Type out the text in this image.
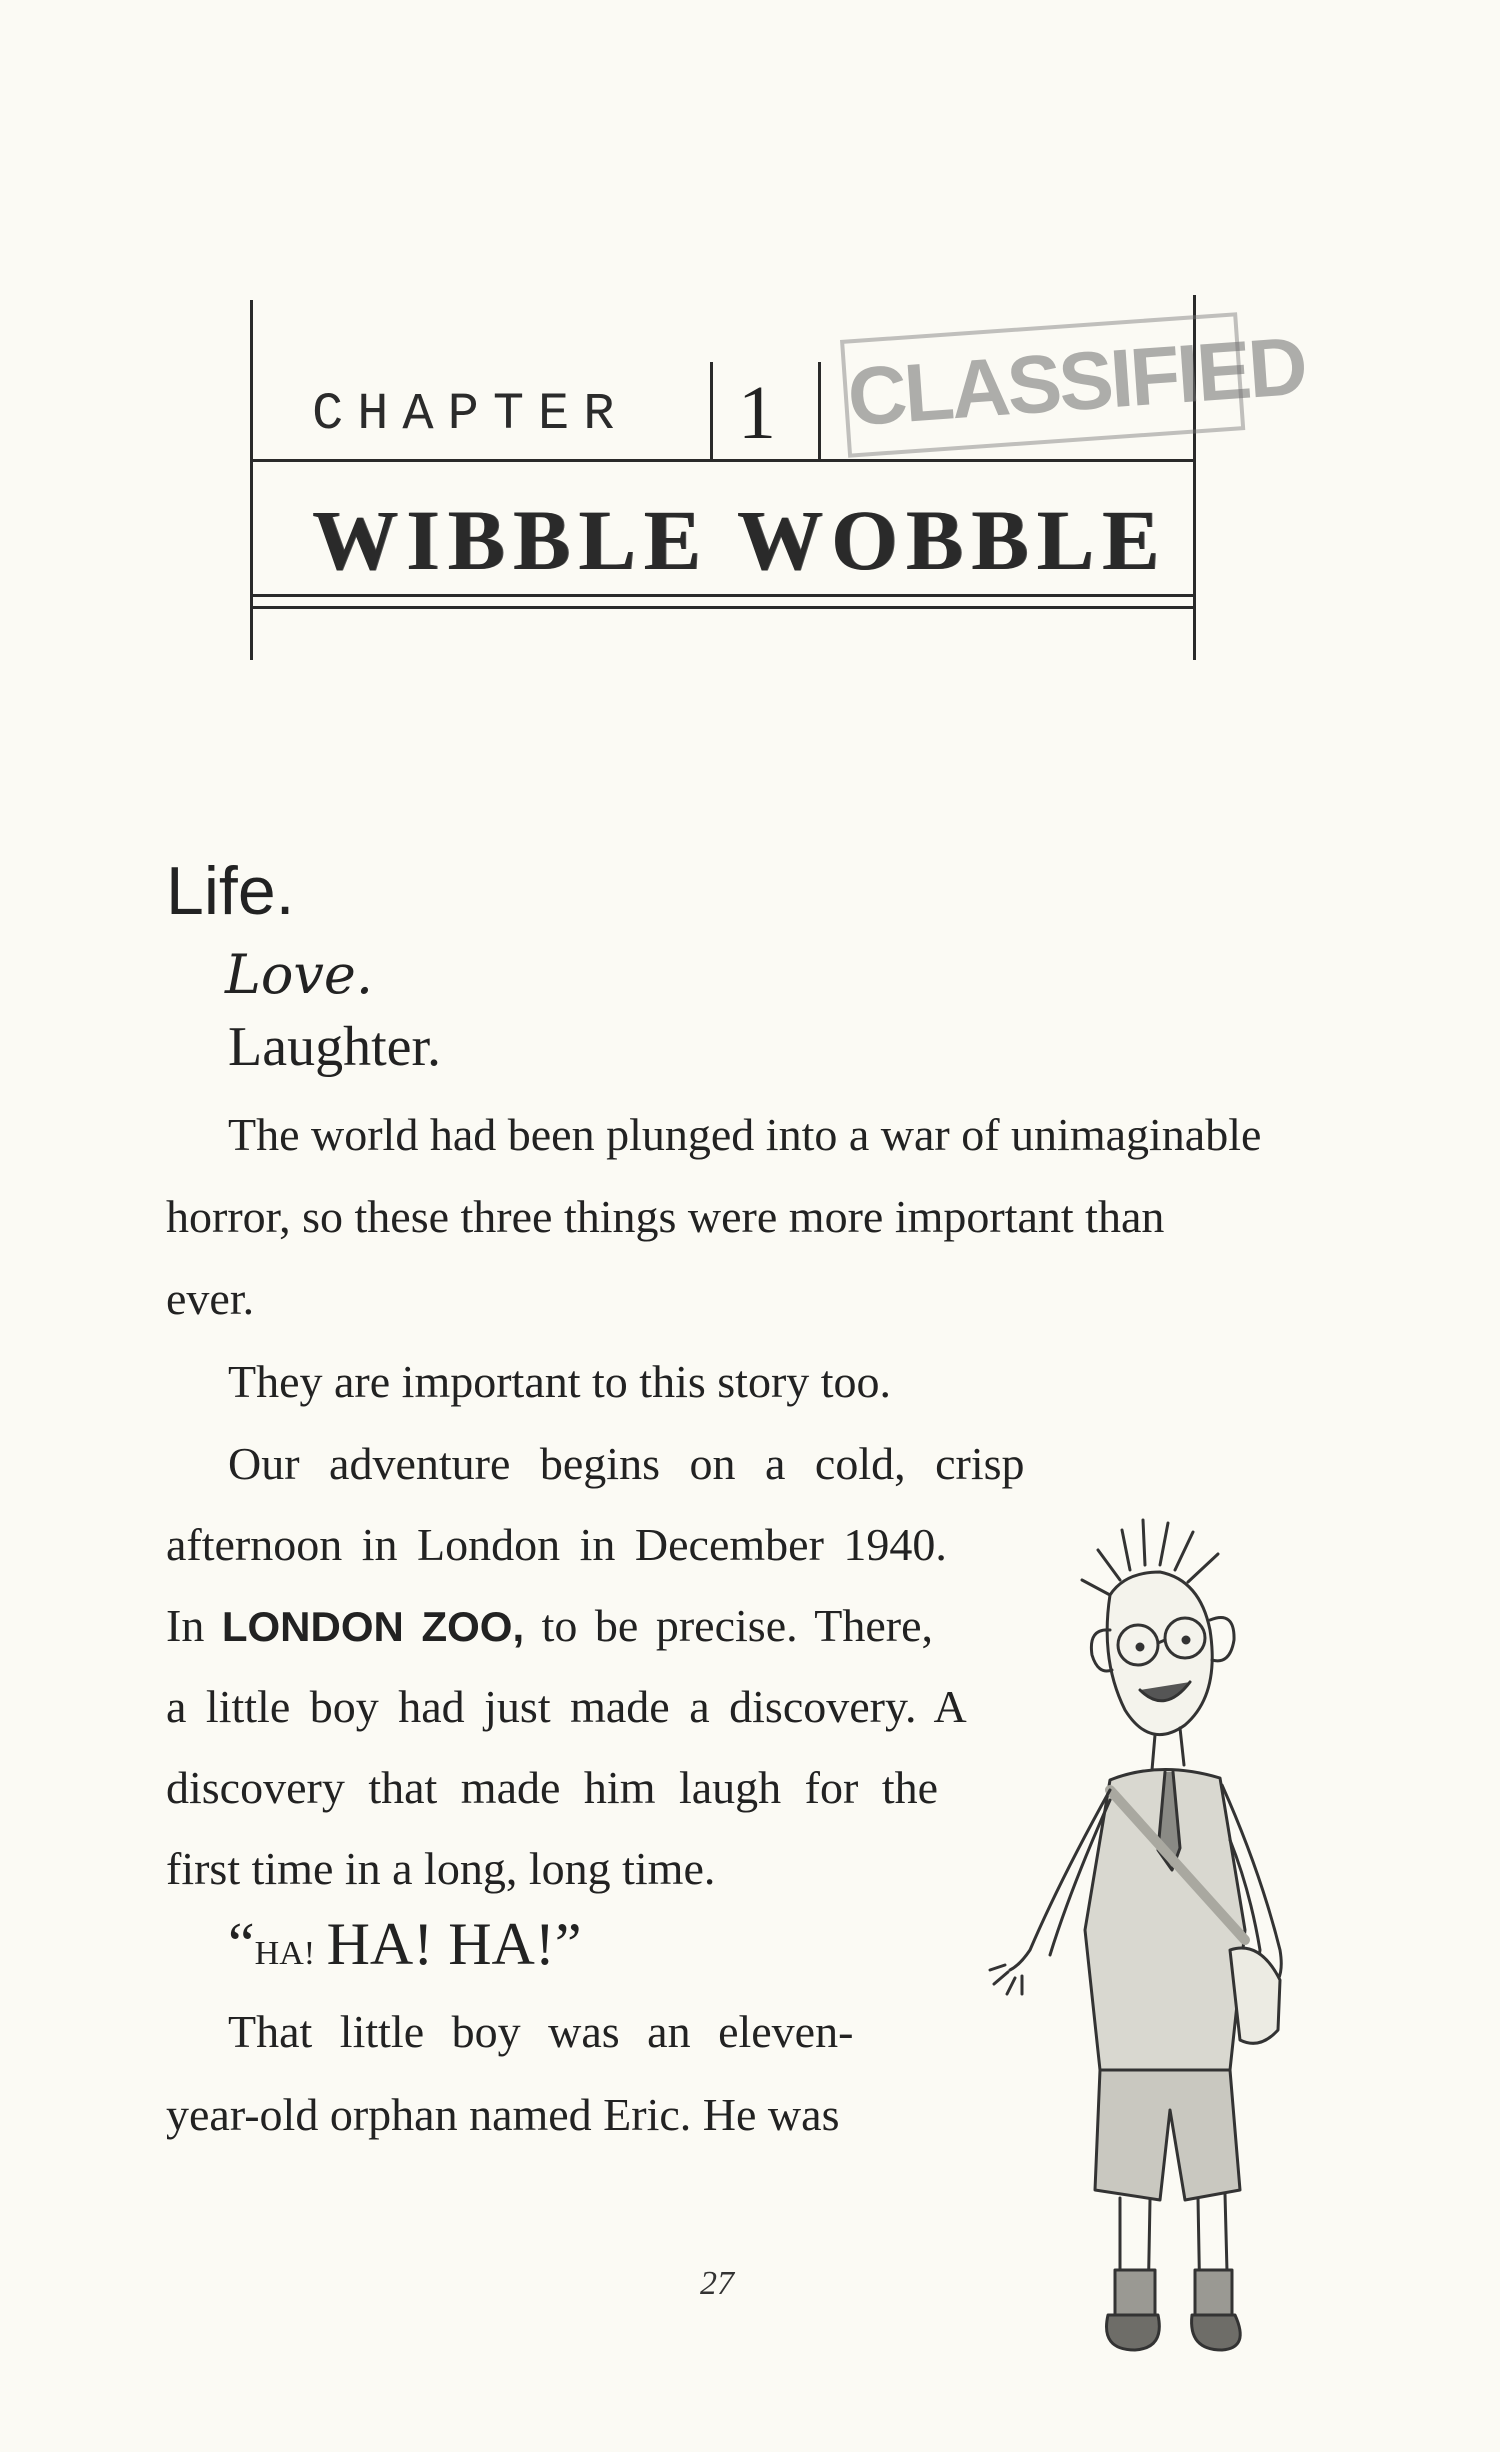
CHAPTER 1 CLASSIFIED
WIBBLE WOBBLE
Life.
Love.
Laughter.
The world had been plunged into a war of unimaginable
horror, so these three things were more important than
ever.
They are important to this story too.
Our adventure begins on a cold, crisp
afternoon in London in December 1940.
In LONDON ZOO, to be precise. There,
a little boy had just made a discovery. A
discovery that made him laugh for the
first time in a long, long time.
“HA! HA! HA!”
That little boy was an eleven-
year-old orphan named Eric. He was
27
